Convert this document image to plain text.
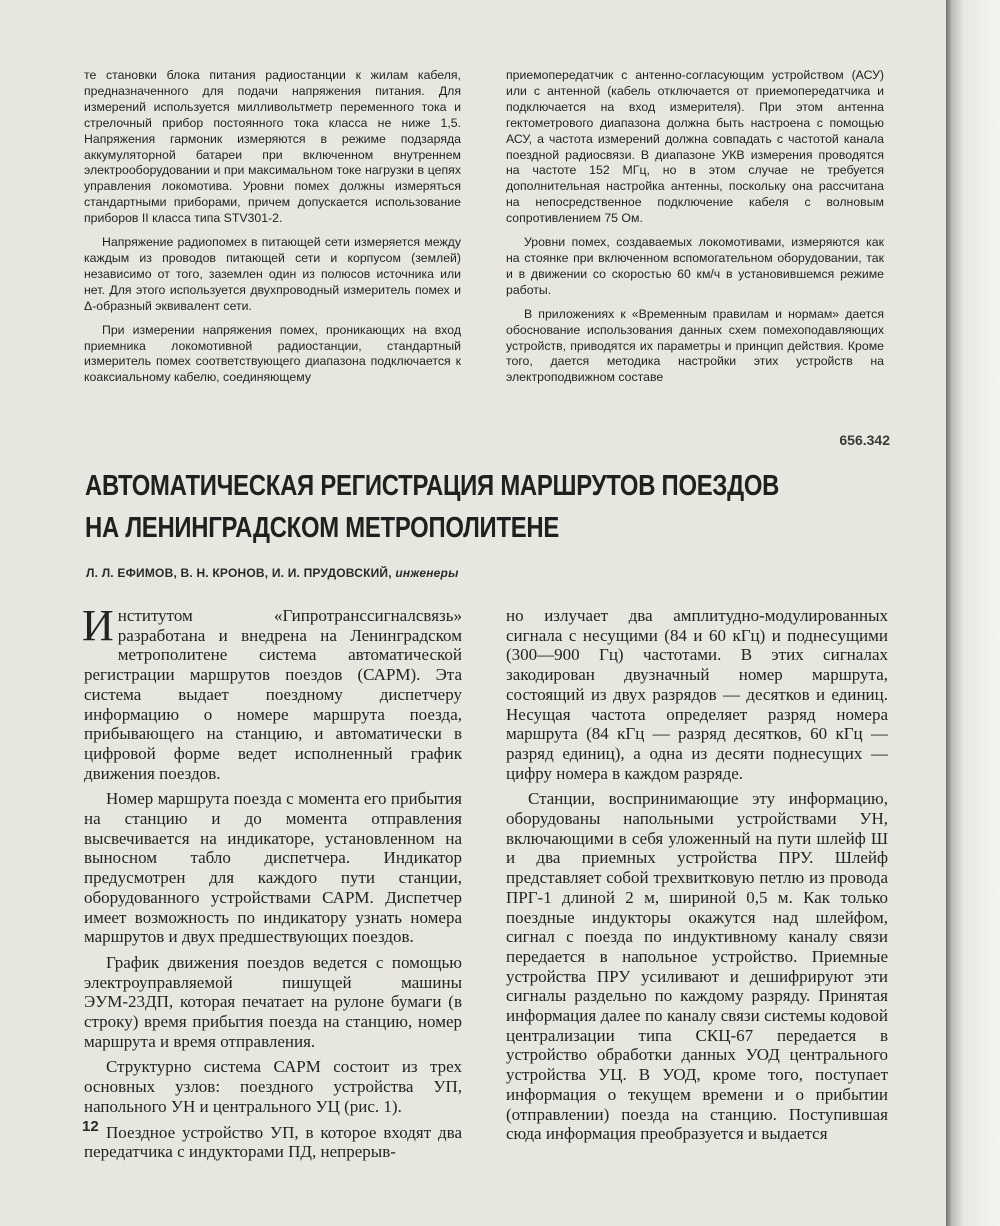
те становки блока питания радиостанции к жилам кабеля, предназначенного для подачи напряжения питания. Для измерений используется милливольтметр переменного тока и стрелочный прибор постоянного тока класса не ниже 1,5. Напряжения гармоник измеряются в режиме подзаряда аккумуляторной батареи при включенном внутреннем электрооборудовании и при максимальном токе нагрузки в цепях управления локомотива. Уровни помех должны измеряться стандартными приборами, причем допускается использование приборов II класса типа STV301-2.

Напряжение радиопомех в питающей сети измеряется между каждым из проводов питающей сети и корпусом (землей) независимо от того, заземлен один из полюсов источника или нет. Для этого используется двухпроводный измеритель помех и Δ-образный эквивалент сети.

При измерении напряжения помех, проникающих на вход приемника локомотивной радиостанции, стандартный измеритель помех соответствующего диапазона подключается к коаксиальному кабелю, соединяющему

приемопередатчик с антенно-согласующим устройством (АСУ) или с антенной (кабель отключается от приемопередатчика и подключается на вход измерителя). При этом антенна гектометрового диапазона должна быть настроена с помощью АСУ, а частота измерений должна совпадать с частотой канала поездной радиосвязи. В диапазоне УКВ измерения проводятся на частоте 152 МГц, но в этом случае не требуется дополнительная настройка антенны, поскольку она рассчитана на непосредственное подключение кабеля с волновым сопротивлением 75 Ом.

Уровни помех, создаваемых локомотивами, измеряются как на стоянке при включенном вспомогательном оборудовании, так и в движении со скоростью 60 км/ч в установившемся режиме работы.

В приложениях к «Временным правилам и нормам» дается обоснование использования данных схем помехоподавляющих устройств, приводятся их параметры и принцип действия. Кроме того, дается методика настройки этих устройств на электроподвижном составе

656.342
АВТОМАТИЧЕСКАЯ РЕГИСТРАЦИЯ МАРШРУТОВ ПОЕЗДОВ
НА ЛЕНИНГРАДСКОМ МЕТРОПОЛИТЕНЕ
Л. Л. ЕФИМОВ, В. Н. КРОНОВ, И. И. ПРУДОВСКИЙ, инженеры

Институтом «Гипротранссигналсвязь» разработана и внедрена на Ленинградском метрополитене система автоматической регистрации маршрутов поездов (САРМ). Эта система выдает поездному диспетчеру информацию о номере маршрута поезда, прибывающего на станцию, и автоматически в цифровой форме ведет исполненный график движения поездов.

Номер маршрута поезда с момента его прибытия на станцию и до момента отправления высвечивается на индикаторе, установленном на выносном табло диспетчера. Индикатор предусмотрен для каждого пути станции, оборудованного устройствами САРМ. Диспетчер имеет возможность по индикатору узнать номера маршрутов и двух предшествующих поездов.

График движения поездов ведется с помощью электроуправляемой пишущей машины ЭУМ-23ДП, которая печатает на рулоне бумаги (в строку) время прибытия поезда на станцию, номер маршрута и время отправления.

Структурно система САРМ состоит из трех основных узлов: поездного устройства УП, напольного УН и центрального УЦ (рис. 1).

Поездное устройство УП, в которое входят два передатчика с индукторами ПД, непрерыв-

но излучает два амплитудно-модулированных сигнала с несущими (84 и 60 кГц) и поднесущими (300—900 Гц) частотами. В этих сигналах закодирован двузначный номер маршрута, состоящий из двух разрядов — десятков и единиц. Несущая частота определяет разряд номера маршрута (84 кГц — разряд десятков, 60 кГц — разряд единиц), а одна из десяти поднесущих — цифру номера в каждом разряде.

Станции, воспринимающие эту информацию, оборудованы напольными устройствами УН, включающими в себя уложенный на пути шлейф Ш и два приемных устройства ПРУ. Шлейф представляет собой трехвитковую петлю из провода ПРГ-1 длиной 2 м, шириной 0,5 м. Как только поездные индукторы окажутся над шлейфом, сигнал с поезда по индуктивному каналу связи передается в напольное устройство. Приемные устройства ПРУ усиливают и дешифрируют эти сигналы раздельно по каждому разряду. Принятая информация далее по каналу связи системы кодовой централизации типа СКЦ-67 передается в устройство обработки данных УОД центрального устройства УЦ. В УОД, кроме того, поступает информация о текущем времени и о прибытии (отправлении) поезда на станцию. Поступившая сюда информация преобразуется и выдается

12
